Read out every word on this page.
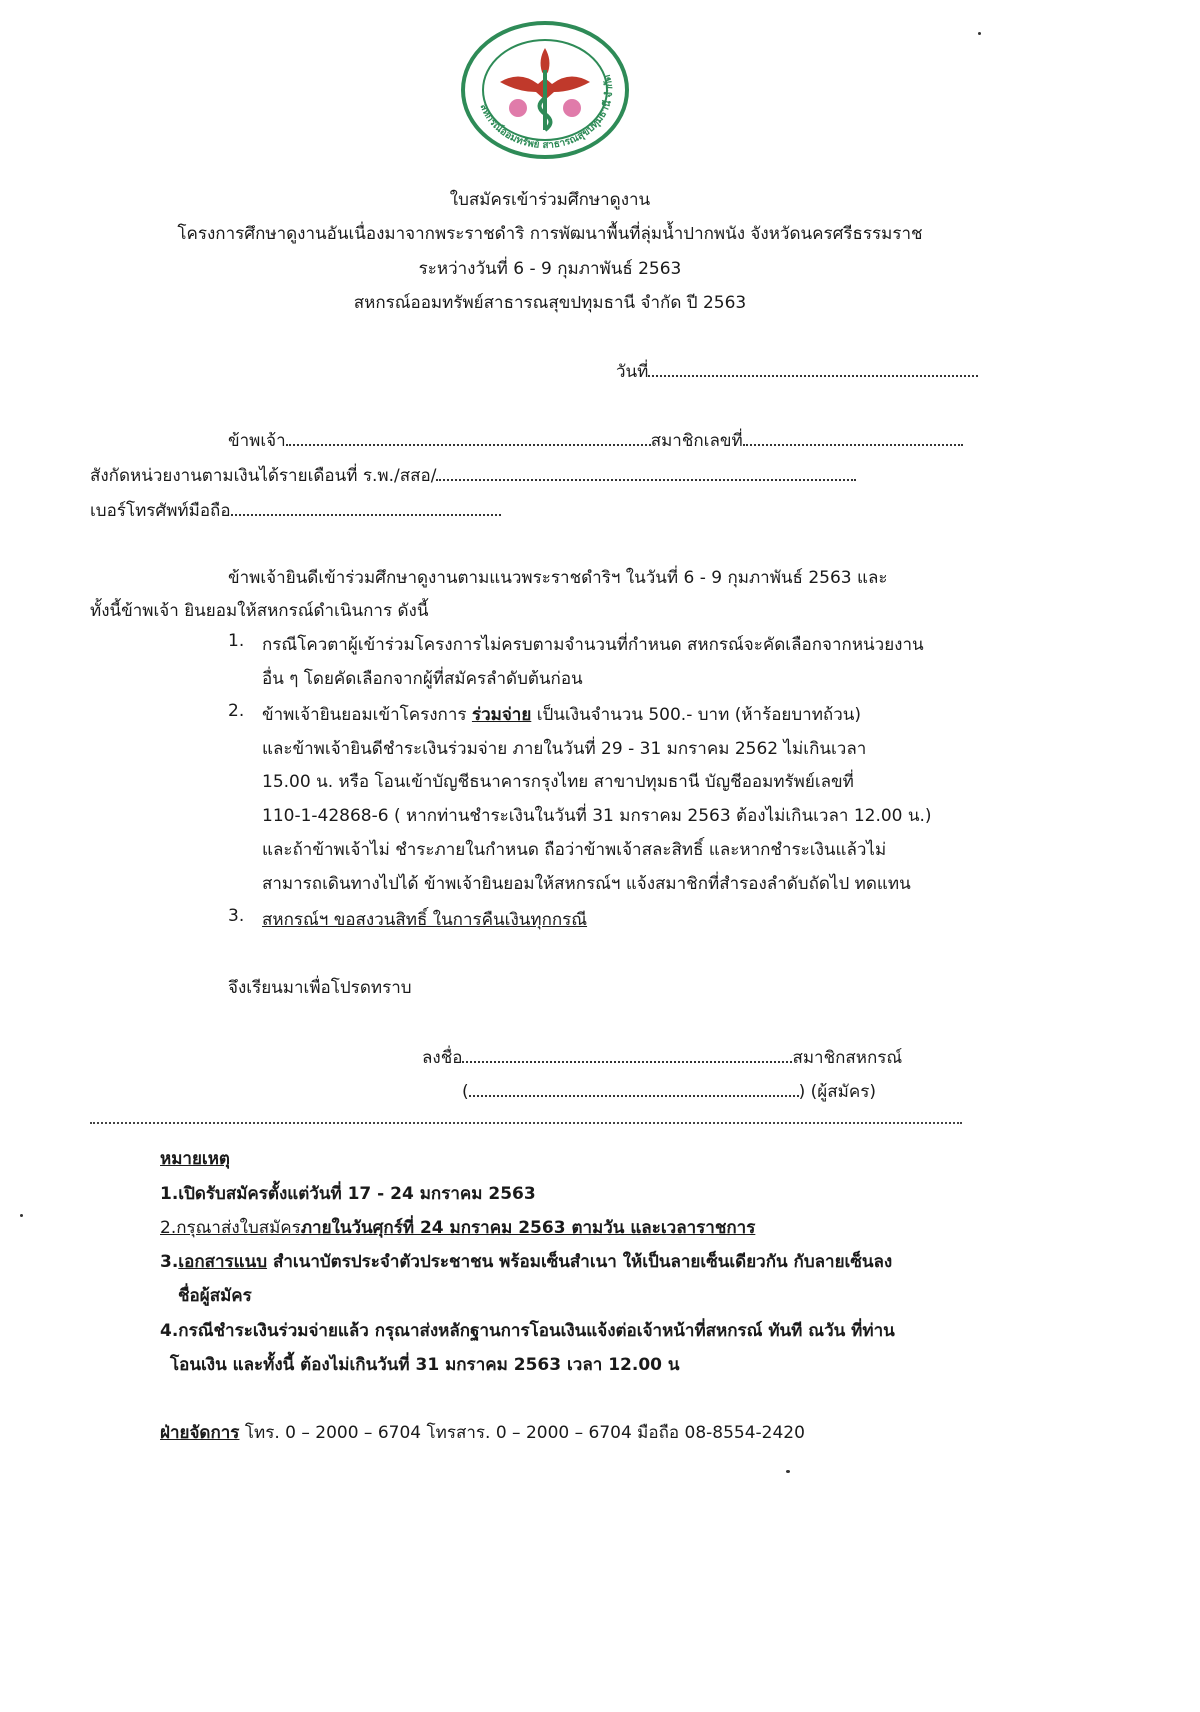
สหกรณ์ออมทรัพย์ สาธารณสุขปทุมธานี จำกัด
ใบสมัครเข้าร่วมศึกษาดูงาน
โครงการศึกษาดูงานอันเนื่องมาจากพระราชดำริ การพัฒนาพื้นที่ลุ่มน้ำปากพนัง จังหวัดนครศรีธรรมราช
ระหว่างวันที่ 6 - 9 กุมภาพันธ์ 2563
สหกรณ์ออมทรัพย์สาธารณสุขปทุมธานี จำกัด ปี 2563
วันที่
ข้าพเจ้า	สมาชิกเลขที่
สังกัดหน่วยงานตามเงินได้รายเดือนที่ ร.พ./สสอ/
เบอร์โทรศัพท์มือถือ
ข้าพเจ้ายินดีเข้าร่วมศึกษาดูงานตามแนวพระราชดำริฯ ในวันที่ 6 - 9 กุมภาพันธ์ 2563 และ
ทั้งนี้ข้าพเจ้า ยินยอมให้สหกรณ์ดำเนินการ ดังนี้
1. กรณีโควตาผู้เข้าร่วมโครงการไม่ครบตามจำนวนที่กำหนด สหกรณ์จะคัดเลือกจากหน่วยงาน
อื่น ๆ โดยคัดเลือกจากผู้ที่สมัครลำดับต้นก่อน
2. ข้าพเจ้ายินยอมเข้าโครงการ ร่วมจ่าย เป็นเงินจำนวน 500.- บาท (ห้าร้อยบาทถ้วน)
และข้าพเจ้ายินดีชำระเงินร่วมจ่าย ภายในวันที่ 29 - 31 มกราคม 2562 ไม่เกินเวลา
15.00 น. หรือ โอนเข้าบัญชีธนาคารกรุงไทย สาขาปทุมธานี บัญชีออมทรัพย์เลขที่
110-1-42868-6 ( หากท่านชำระเงินในวันที่ 31 มกราคม 2563 ต้องไม่เกินเวลา 12.00 น.)
และถ้าข้าพเจ้าไม่ ชำระภายในกำหนด ถือว่าข้าพเจ้าสละสิทธิ์ และหากชำระเงินแล้วไม่
สามารถเดินทางไปได้ ข้าพเจ้ายินยอมให้สหกรณ์ฯ แจ้งสมาชิกที่สำรองลำดับถัดไป ทดแทน
3. สหกรณ์ฯ ขอสงวนสิทธิ์ ในการคืนเงินทุกกรณี
จึงเรียนมาเพื่อโปรดทราบ
ลงชื่อ	สมาชิกสหกรณ์
(	) (ผู้สมัคร)
หมายเหตุ
1.เปิดรับสมัครตั้งแต่วันที่ 17 - 24 มกราคม 2563
2.กรุณาส่งใบสมัครภายในวันศุกร์ที่ 24 มกราคม 2563 ตามวัน และเวลาราชการ
3.เอกสารแนบ สำเนาบัตรประจำตัวประชาชน พร้อมเซ็นสำเนา ให้เป็นลายเซ็นเดียวกัน กับลายเซ็นลง
ชื่อผู้สมัคร
4.กรณีชำระเงินร่วมจ่ายแล้ว กรุณาส่งหลักฐานการโอนเงินแจ้งต่อเจ้าหน้าที่สหกรณ์ ทันที ณวัน ที่ท่าน
โอนเงิน และทั้งนี้ ต้องไม่เกินวันที่ 31 มกราคม 2563 เวลา 12.00 น
ฝ่ายจัดการ โทร. 0 – 2000 – 6704 โทรสาร. 0 – 2000 – 6704 มือถือ 08-8554-2420
